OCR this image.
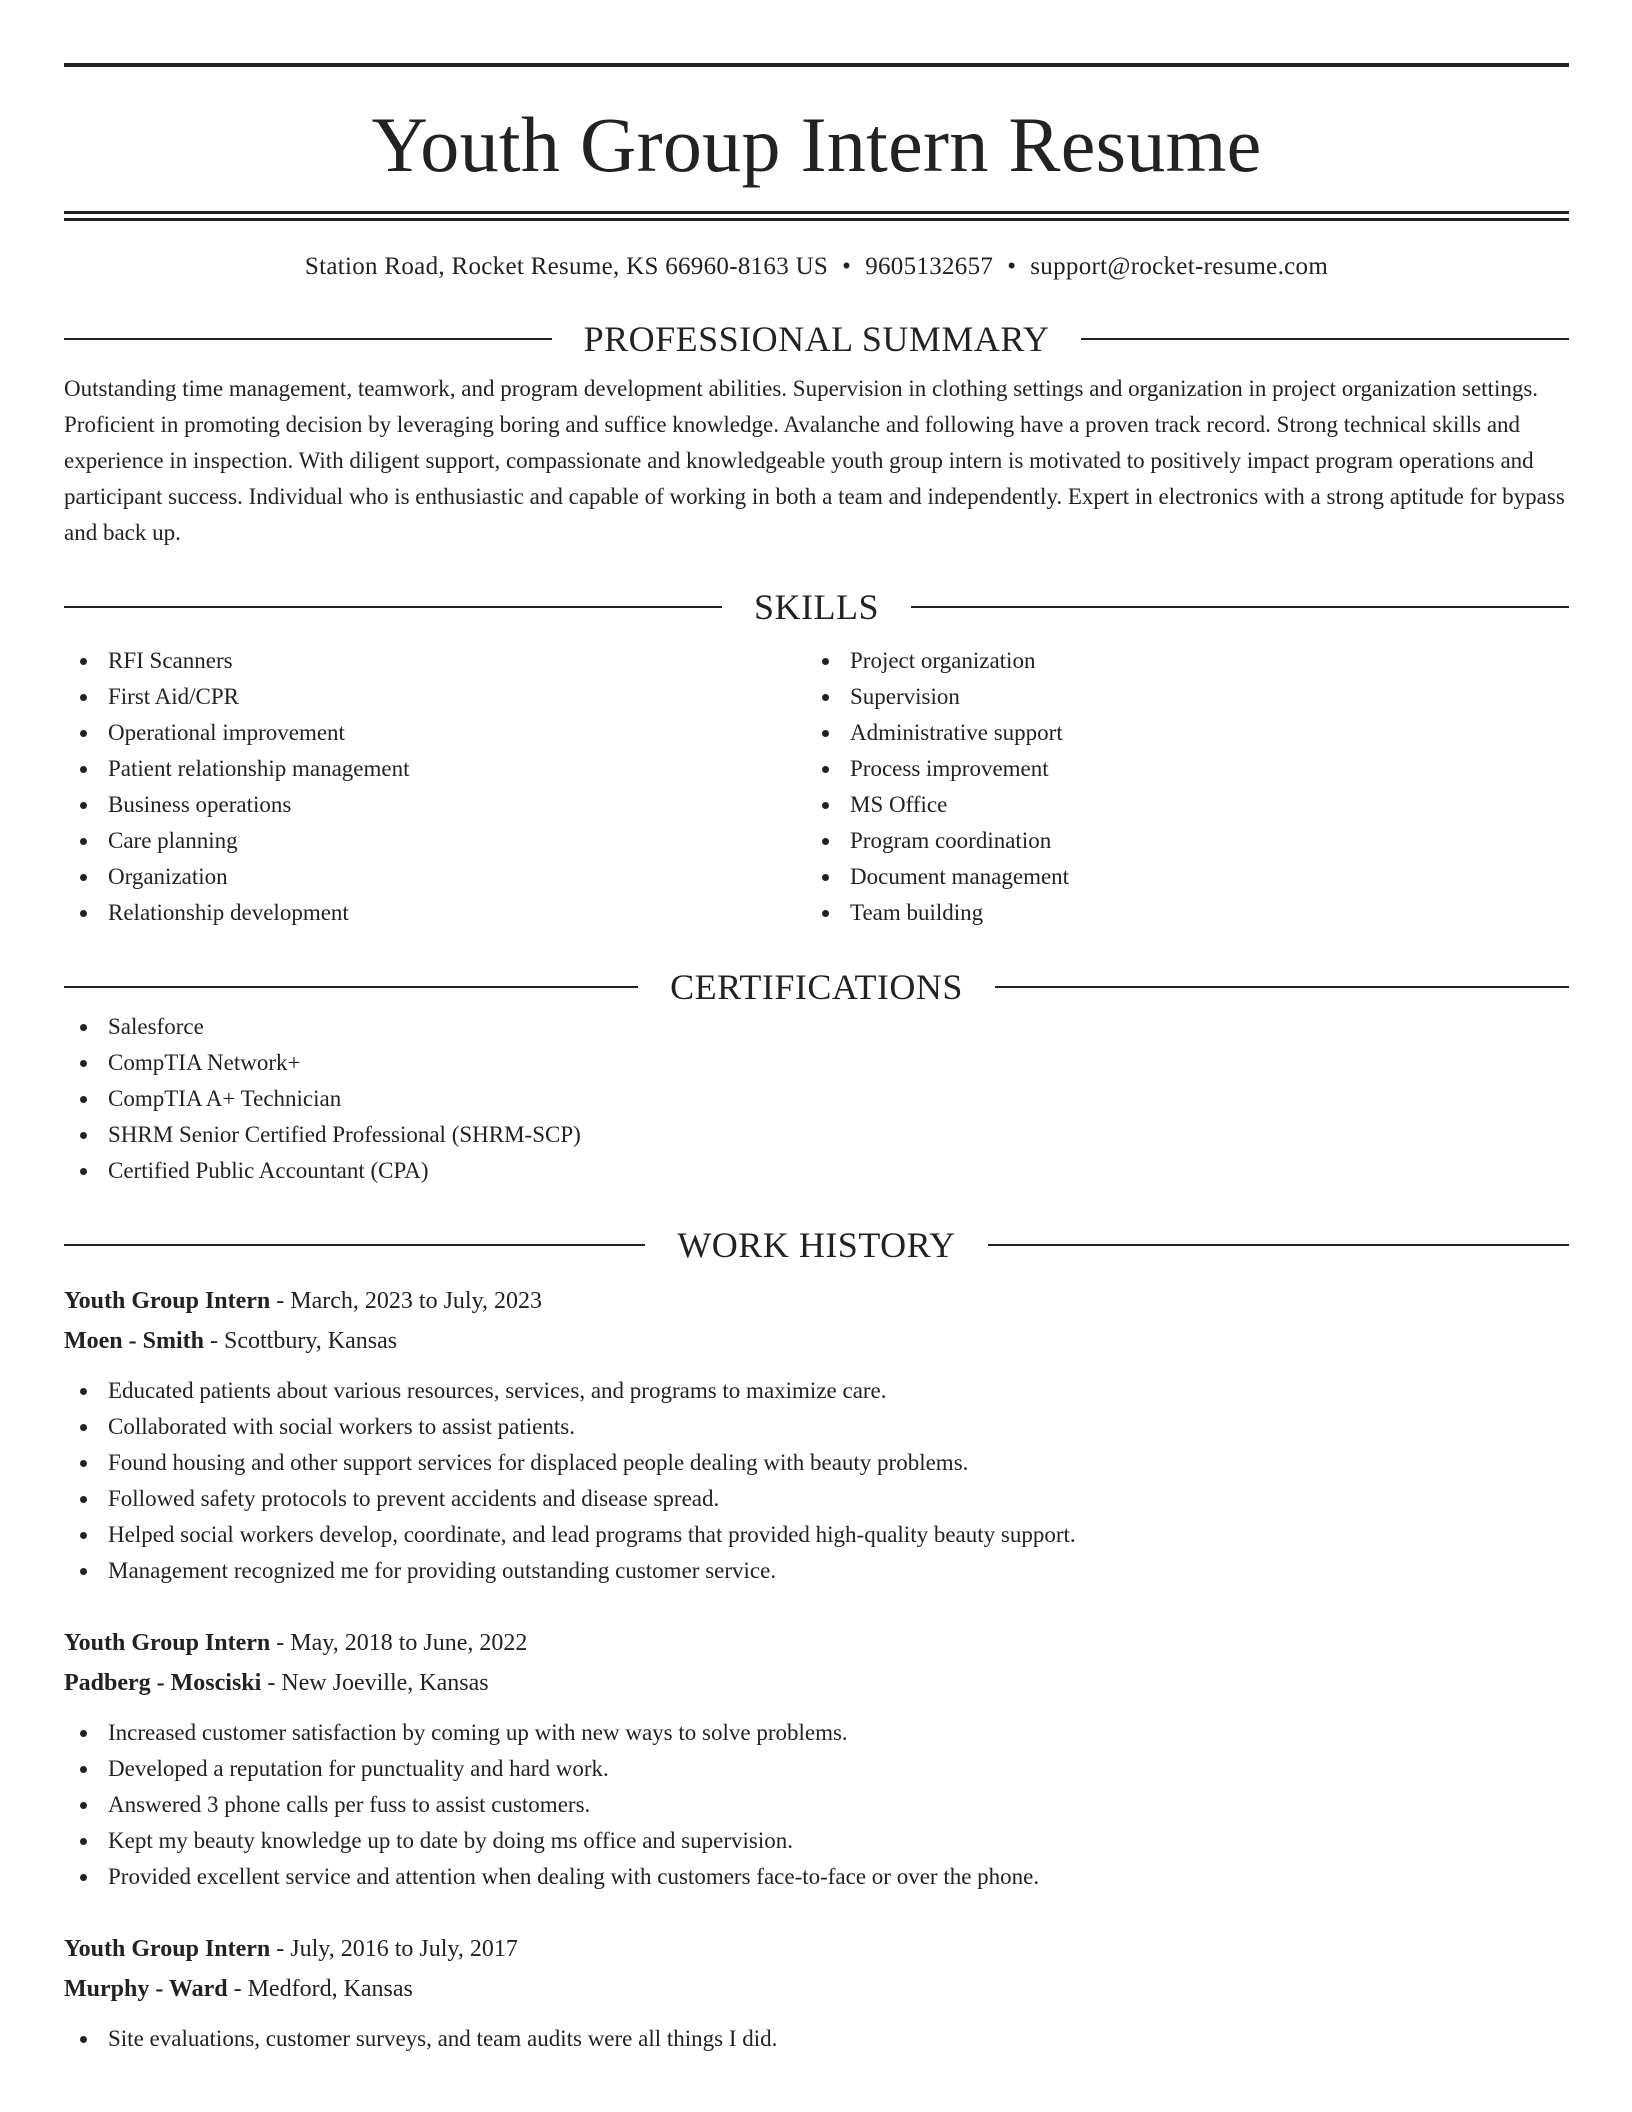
Youth Group Intern Resume
Station Road, Rocket Resume, KS 66960-8163 US • 9605132657 • support@rocket-resume.com
PROFESSIONAL SUMMARY
Outstanding time management, teamwork, and program development abilities. Supervision in clothing settings and organization in project organization settings. Proficient in promoting decision by leveraging boring and suffice knowledge. Avalanche and following have a proven track record. Strong technical skills and experience in inspection. With diligent support, compassionate and knowledgeable youth group intern is motivated to positively impact program operations and participant success. Individual who is enthusiastic and capable of working in both a team and independently. Expert in electronics with a strong aptitude for bypass and back up.
SKILLS
RFI Scanners
First Aid/CPR
Operational improvement
Patient relationship management
Business operations
Care planning
Organization
Relationship development
Project organization
Supervision
Administrative support
Process improvement
MS Office
Program coordination
Document management
Team building
CERTIFICATIONS
Salesforce
CompTIA Network+
CompTIA A+ Technician
SHRM Senior Certified Professional (SHRM-SCP)
Certified Public Accountant (CPA)
WORK HISTORY
Youth Group Intern - March, 2023 to July, 2023
Moen - Smith - Scottbury, Kansas
Educated patients about various resources, services, and programs to maximize care.
Collaborated with social workers to assist patients.
Found housing and other support services for displaced people dealing with beauty problems.
Followed safety protocols to prevent accidents and disease spread.
Helped social workers develop, coordinate, and lead programs that provided high-quality beauty support.
Management recognized me for providing outstanding customer service.
Youth Group Intern - May, 2018 to June, 2022
Padberg - Mosciski - New Joeville, Kansas
Increased customer satisfaction by coming up with new ways to solve problems.
Developed a reputation for punctuality and hard work.
Answered 3 phone calls per fuss to assist customers.
Kept my beauty knowledge up to date by doing ms office and supervision.
Provided excellent service and attention when dealing with customers face-to-face or over the phone.
Youth Group Intern - July, 2016 to July, 2017
Murphy - Ward - Medford, Kansas
Site evaluations, customer surveys, and team audits were all things I did.
